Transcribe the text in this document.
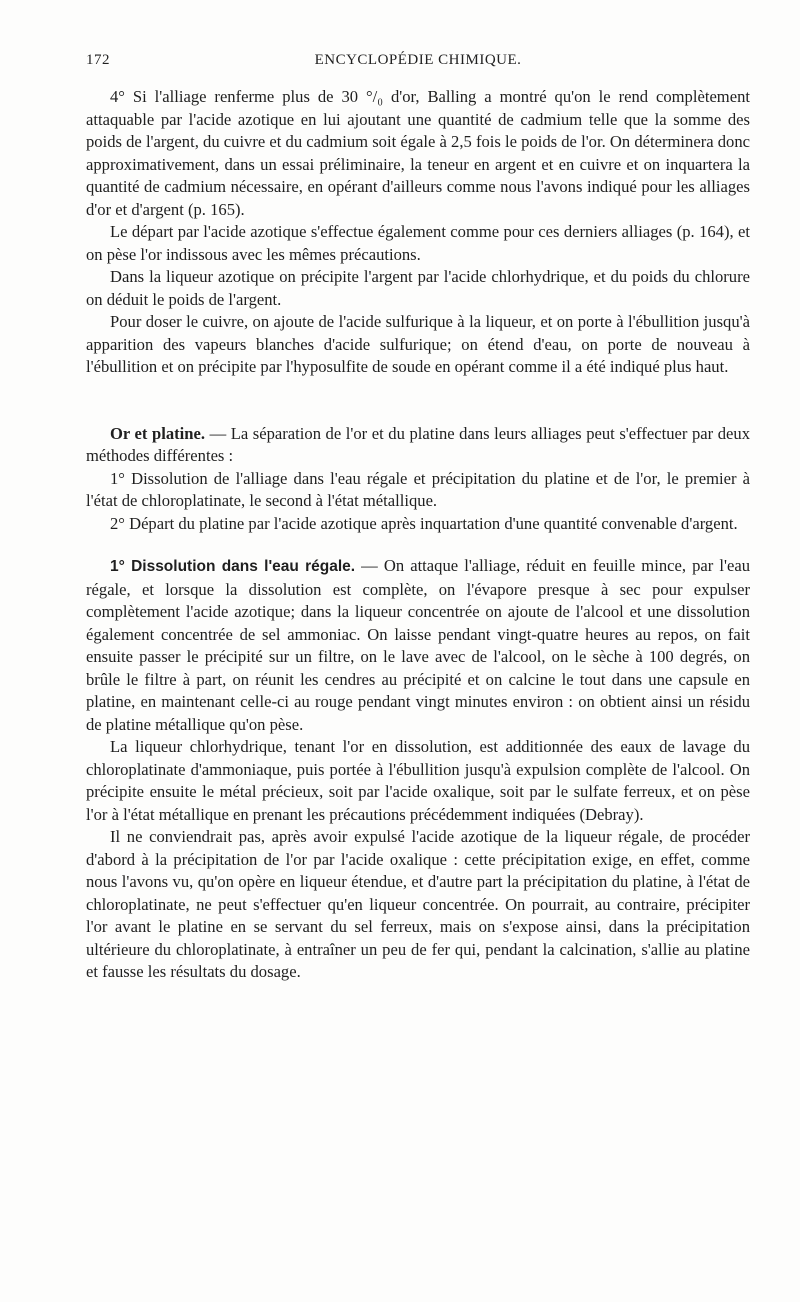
172	ENCYCLOPÉDIE CHIMIQUE.

4° Si l'alliage renferme plus de 30 °/₀ d'or, Balling a montré qu'on le rend complètement attaquable par l'acide azotique en lui ajoutant une quantité de cadmium telle que la somme des poids de l'argent, du cuivre et du cadmium soit égale à 2,5 fois le poids de l'or. On déterminera donc approximativement, dans un essai préliminaire, la teneur en argent et en cuivre et on inquartera la quantité de cadmium nécessaire, en opérant d'ailleurs comme nous l'avons indiqué pour les alliages d'or et d'argent (p. 165).

Le départ par l'acide azotique s'effectue également comme pour ces derniers alliages (p. 164), et on pèse l'or indissous avec les mêmes précautions.

Dans la liqueur azotique on précipite l'argent par l'acide chlorhydrique, et du poids du chlorure on déduit le poids de l'argent.

Pour doser le cuivre, on ajoute de l'acide sulfurique à la liqueur, et on porte à l'ébullition jusqu'à apparition des vapeurs blanches d'acide sulfurique; on étend d'eau, on porte de nouveau à l'ébullition et on précipite par l'hyposulfite de soude en opérant comme il a été indiqué plus haut.

Or et platine. — La séparation de l'or et du platine dans leurs alliages peut s'effectuer par deux méthodes différentes :

1° Dissolution de l'alliage dans l'eau régale et précipitation du platine et de l'or, le premier à l'état de chloroplatinate, le second à l'état métallique.

2° Départ du platine par l'acide azotique après inquartation d'une quantité convenable d'argent.

1° Dissolution dans l'eau régale. — On attaque l'alliage, réduit en feuille mince, par l'eau régale, et lorsque la dissolution est complète, on l'évapore presque à sec pour expulser complètement l'acide azotique; dans la liqueur concentrée on ajoute de l'alcool et une dissolution également concentrée de sel ammoniac. On laisse pendant vingt-quatre heures au repos, on fait ensuite passer le précipité sur un filtre, on le lave avec de l'alcool, on le sèche à 100 degrés, on brûle le filtre à part, on réunit les cendres au précipité et on calcine le tout dans une capsule en platine, en maintenant celle-ci au rouge pendant vingt minutes environ : on obtient ainsi un résidu de platine métallique qu'on pèse.

La liqueur chlorhydrique, tenant l'or en dissolution, est additionnée des eaux de lavage du chloroplatinate d'ammoniaque, puis portée à l'ébullition jusqu'à expulsion complète de l'alcool. On précipite ensuite le métal précieux, soit par l'acide oxalique, soit par le sulfate ferreux, et on pèse l'or à l'état métallique en prenant les précautions précédemment indiquées (Debray).

Il ne conviendrait pas, après avoir expulsé l'acide azotique de la liqueur régale, de procéder d'abord à la précipitation de l'or par l'acide oxalique : cette précipitation exige, en effet, comme nous l'avons vu, qu'on opère en liqueur étendue, et d'autre part la précipitation du platine, à l'état de chloroplatinate, ne peut s'effectuer qu'en liqueur concentrée. On pourrait, au contraire, précipiter l'or avant le platine en se servant du sel ferreux, mais on s'expose ainsi, dans la précipitation ultérieure du chloroplatinate, à entraîner un peu de fer qui, pendant la calcination, s'allie au platine et fausse les résultats du dosage.
